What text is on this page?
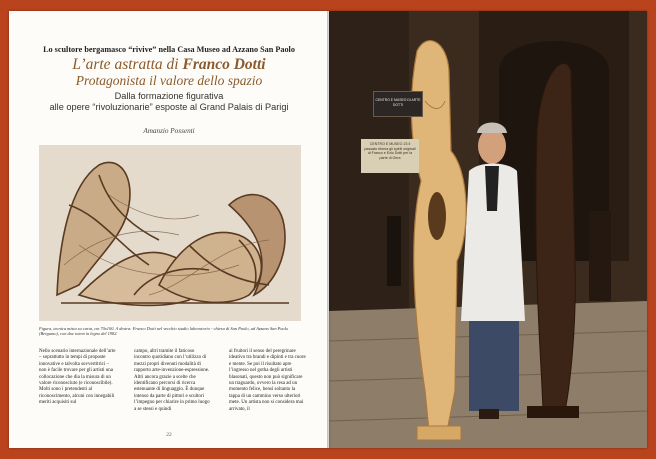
Lo scultore bergamasco “rivive” nella Casa Museo ad Azzano San Paolo
L’arte astratta di Franco Dotti
Protagonista il valore dello spazio
Dalla formazione figurativa
alle opere “rivoluzionarie” esposte al Grand Palais di Parigi
Amanzio Possenti
Figura, tecnica mista su carta, cm 70x100. A destra: Franco Dotti nel vecchio studio laboratorio - chiesa di San Paolo, ad Azzano San Paolo (Bergamo), con due totem in legno del 1982.
Nello scenario internazionale dell’arte – soprattutto in tempi di proposte innovative e talvolta sovvertitrici – non è facile trovare per gli artisti una collocazione che dia la misura di un valore riconosciuto (e riconoscibile). Molti sono i pretendenti al riconoscimento, alcuni con innegabili meriti acquisiti sul
campo, altri tramite il faticoso incontro quotidiano con l’utilizzo di mezzi propri divenuti modalità di rapporto arte-invenzione-espressione. Altri ancora grazie a scelte che identificano percorsi di ricerca estenuante di linguaggio. È dunque intenso da parte di pittori e scultori l’impegno per chiarire in primo luogo a se stessi e quindi
ai fruitori il senso del peregrinare ideativo tra brandi e dipinti e tra cuore e mente. Se poi il risultato apre l’ingresso nel gotha degli artisti blasonati, questo non può significare un traguardo, ovvero la resa ad un momento felice, bensì soltanto la tappa di un cammino verso ulteriori mete. Un artista non si considera mai arrivato, il
22
CENTRO E MUSEO DI ARTE DOTTI
CENTRO E MUSEO 23 Il passato ritorna gli spiriti originali di Franco e Ezio Dotti per la parte di Gera
